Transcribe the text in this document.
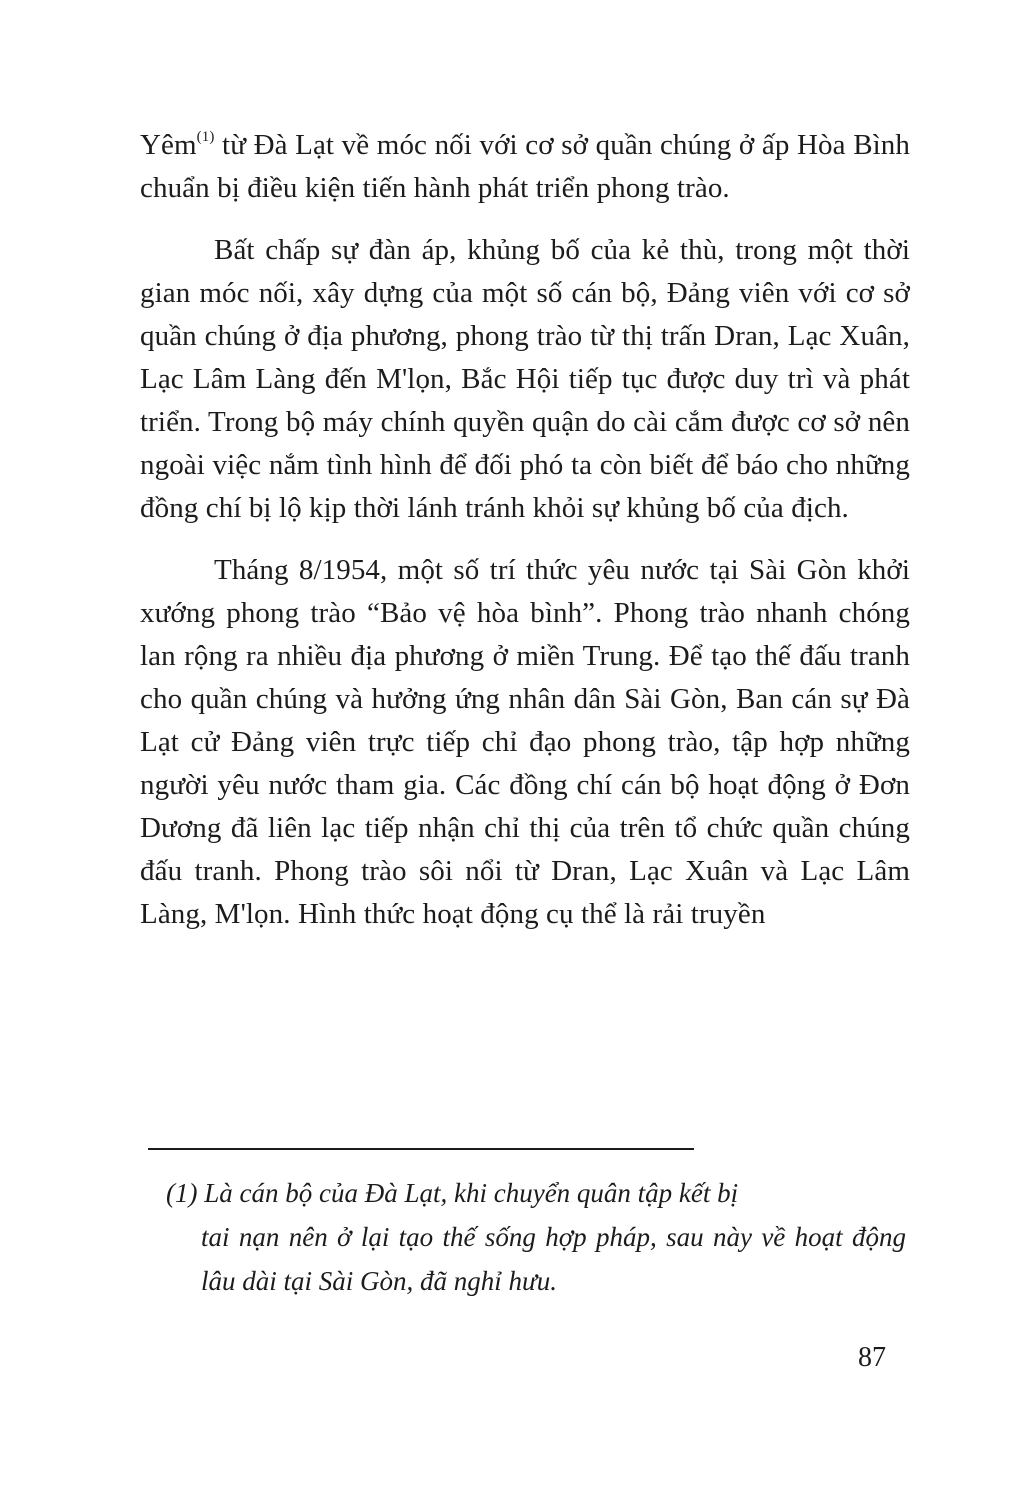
Yêm$^{(1)}$ từ Đà Lạt về móc nối với cơ sở quần chúng ở ấp Hòa Bình chuẩn bị điều kiện tiến hành phát triển phong trào.

Bất chấp sự đàn áp, khủng bố của kẻ thù, trong một thời gian móc nối, xây dựng của một số cán bộ, Đảng viên với cơ sở quần chúng ở địa phương, phong trào từ thị trấn Dran, Lạc Xuân, Lạc Lâm Làng đến M'lọn, Bắc Hội tiếp tục được duy trì và phát triển. Trong bộ máy chính quyền quận do cài cắm được cơ sở nên ngoài việc nắm tình hình để đối phó ta còn biết để báo cho những đồng chí bị lộ kịp thời lánh tránh khỏi sự khủng bố của địch.

Tháng 8/1954, một số trí thức yêu nước tại Sài Gòn khởi xướng phong trào “Bảo vệ hòa bình”. Phong trào nhanh chóng lan rộng ra nhiều địa phương ở miền Trung. Để tạo thế đấu tranh cho quần chúng và hưởng ứng nhân dân Sài Gòn, Ban cán sự Đà Lạt cử Đảng viên trực tiếp chỉ đạo phong trào, tập hợp những người yêu nước tham gia. Các đồng chí cán bộ hoạt động ở Đơn Dương đã liên lạc tiếp nhận chỉ thị của trên tổ chức quần chúng đấu tranh. Phong trào sôi nổi từ Dran, Lạc Xuân và Lạc Lâm Làng, M'lọn. Hình thức hoạt động cụ thể là rải truyền

(1) Là cán bộ của Đà Lạt, khi chuyển quân tập kết bị
tai nạn nên ở lại tạo thế sống hợp pháp, sau này về hoạt động lâu dài tại Sài Gòn, đã nghỉ hưu.
87
